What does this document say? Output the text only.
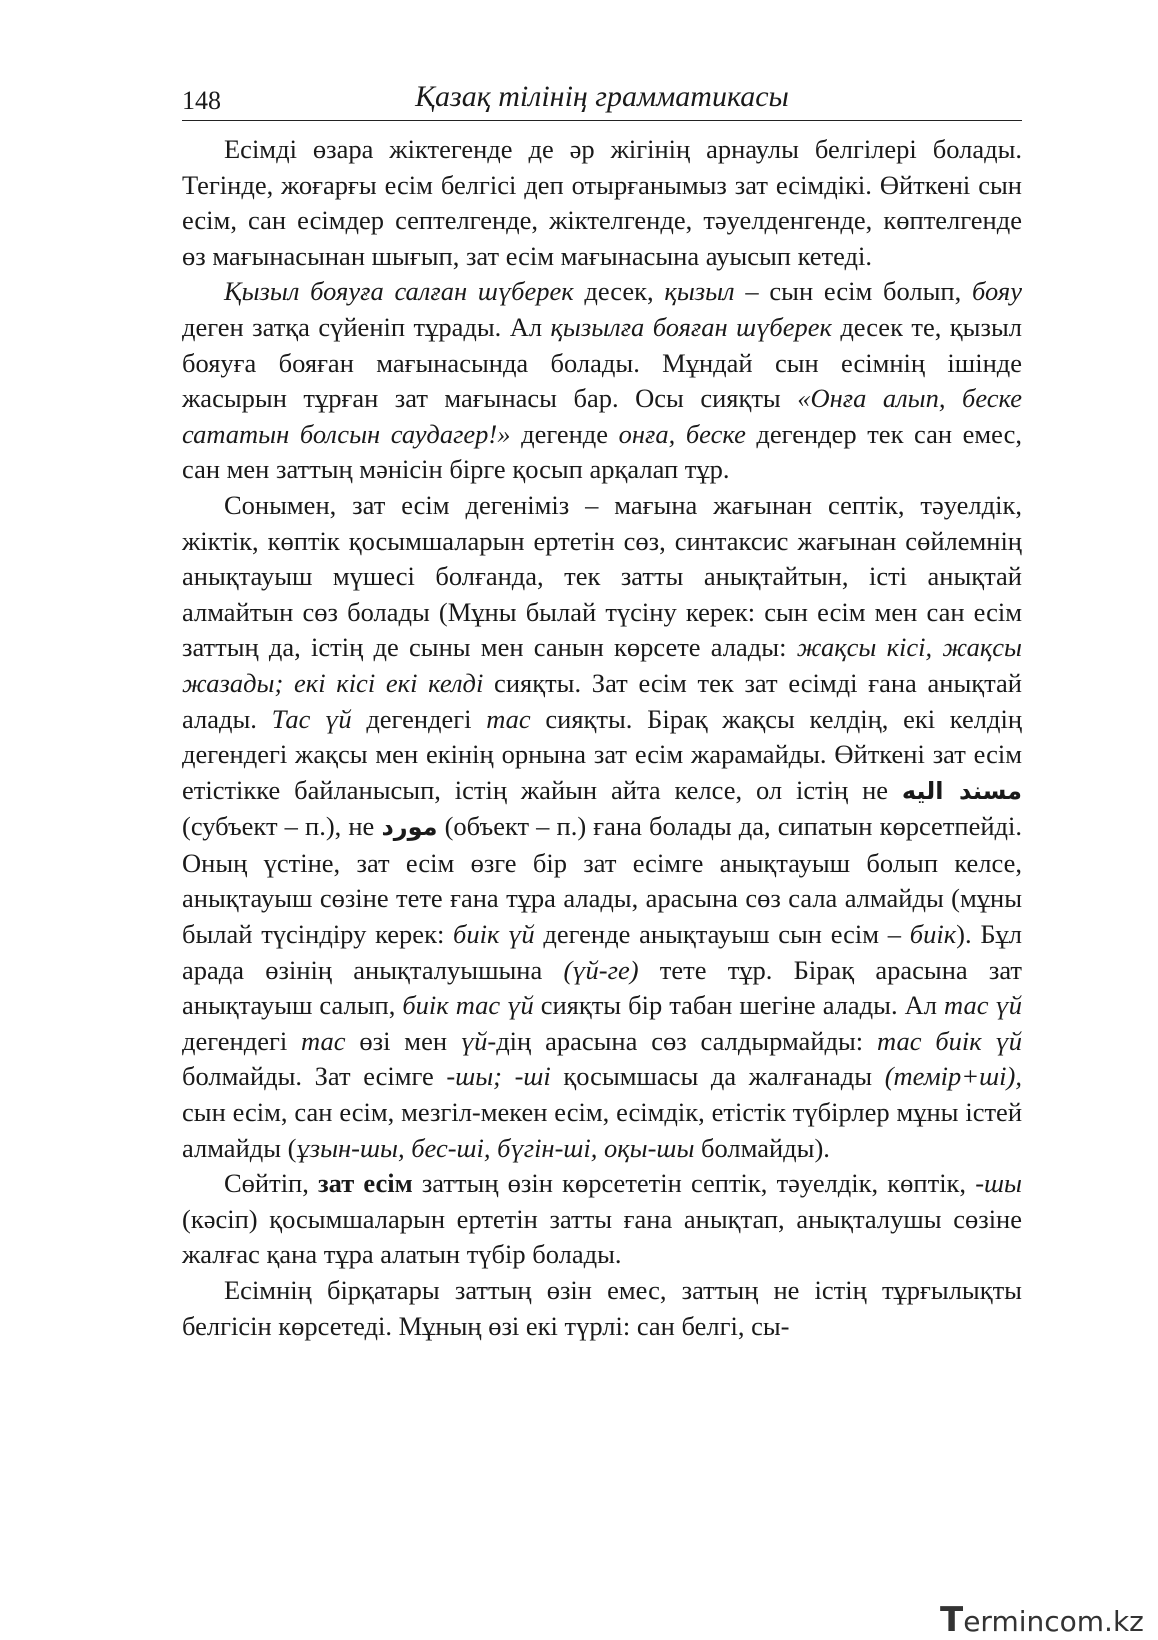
148	Қазақ тілінің грамматикасы

Есімді өзара жіктегенде де әр жігінің арнаулы белгілері болады. Тегінде, жоғарғы есім белгісі деп отырғанымыз зат есімдікі. Өйткені сын есім, сан есімдер септелгенде, жіктелгенде, тәуелденгенде, көптелгенде өз мағынасынан шығып, зат есім мағынасына ауысып кетеді.

Қызыл бояуға салған шүберек десек, қызыл – сын есім болып, бояу деген затқа сүйеніп тұрады. Ал қызылға бояған шүберек десек те, қызыл бояуға бояған мағынасында болады. Мұндай сын есімнің ішінде жасырын тұрған зат мағынасы бар. Осы сияқты «Онға алып, беске сататын болсын саудагер!» дегенде онға, беске дегендер тек сан емес, сан мен заттың мәнісін бірге қосып арқалап тұр.

Сонымен, зат есім дегеніміз – мағына жағынан септік, тәуелдік, жіктік, көптік қосымшаларын ертетін сөз, синтаксис жағынан сөйлемнің анықтауыш мүшесі болғанда, тек затты анықтайтын, істі анықтай алмайтын сөз болады (Мұны былай түсіну керек: сын есім мен сан есім заттың да, істің де сыны мен санын көрсете алады: жақсы кісі, жақсы жазады; екі кісі екі келді сияқты. Зат есім тек зат есімді ғана анықтай алады. Тас үй дегендегі тас сияқты. Бірақ жақсы келдің, екі келдің дегендегі жақсы мен екінің орнына зат есім жарамайды. Өйткені зат есім етістікке байланысып, істің жайын айта келсе, ол істің не مسند اليه (субъект – п.), не مورد (объект – п.) ғана болады да, сипатын көрсетпейді. Оның үстіне, зат есім өзге бір зат есімге анықтауыш болып келсе, анықтауыш сөзіне тете ғана тұра алады, арасына сөз сала алмайды (мұны былай түсіндіру керек: биік үй дегенде анықтауыш сын есім – биік). Бұл арада өзінің анықталуышына (үй-ге) тете тұр. Бірақ арасына зат анықтауыш салып, биік тас үй сияқты бір табан шегіне алады. Ал тас үй дегендегі тас өзі мен үй-дің арасына сөз салдырмайды: тас биік үй болмайды. Зат есімге -шы; -ші қосымшасы да жалғанады (темір+ші), сын есім, сан есім, мезгіл-мекен есім, есімдік, етістік түбірлер мұны істей алмайды (ұзын-шы, бес-ші, бүгін-ші, оқы-шы болмайды).

Сөйтіп, зат есім заттың өзін көрсететін септік, тәуелдік, көптік, -шы (кәсіп) қосымшаларын ертетін затты ғана анықтап, анықталушы сөзіне жалғас қана тұра алатын түбір болады.

Есімнің бірқатары заттың өзін емес, заттың не істің тұрғылықты белгісін көрсетеді. Мұның өзі екі түрлі: сан белгі, сы-

Termincom.kz
